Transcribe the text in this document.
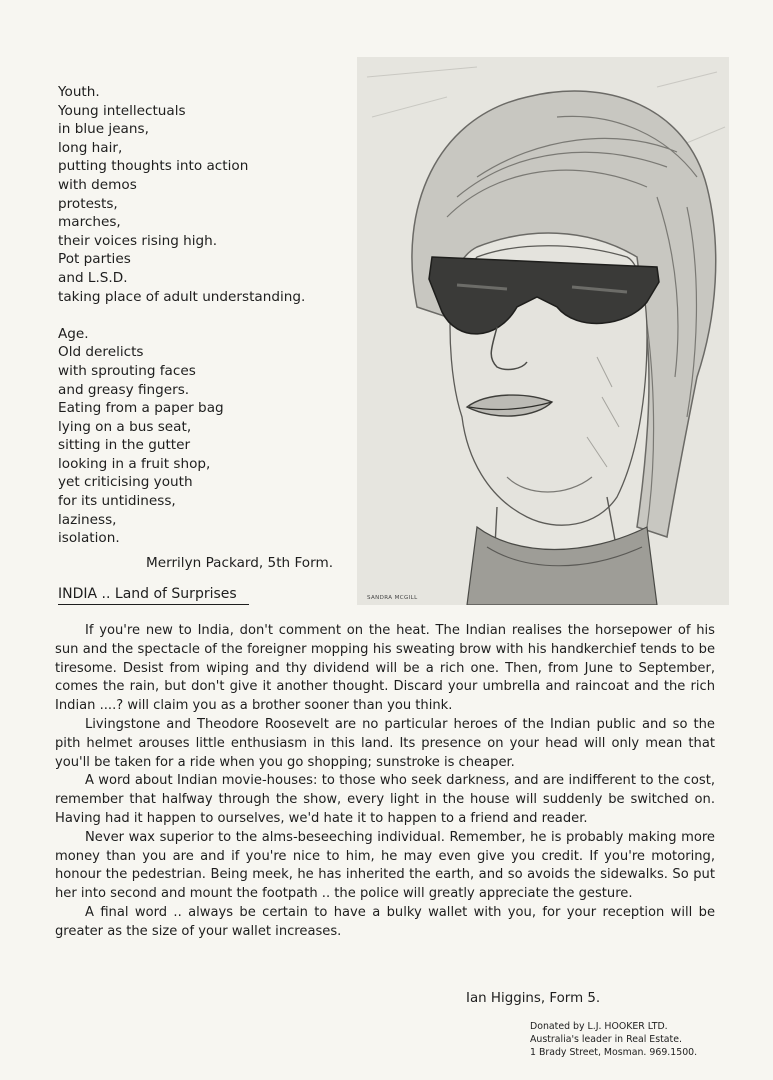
Youth.
Young intellectuals
in blue jeans,
long hair,
putting thoughts into action
with demos
protests,
marches,
their voices rising high.
Pot parties
and L.S.D.
taking place of adult understanding.
Age.
Old derelicts
with sprouting faces
and greasy fingers.
Eating from a paper bag
lying on a bus seat,
sitting in the gutter
looking in a fruit shop,
yet criticising youth
for its untidiness,
laziness,
isolation.
Merrilyn Packard, 5th Form.
SANDRA MCGILL
INDIA .. Land of Surprises

If you're new to India, don't comment on the heat. The Indian realises the horsepower of his sun and the spectacle of the foreigner mopping his sweating brow with his handkerchief tends to be tiresome. Desist from wiping and thy dividend will be a rich one. Then, from June to September, comes the rain, but don't give it another thought. Discard your umbrella and raincoat and the rich Indian ....? will claim you as a brother sooner than you think.

Livingstone and Theodore Roosevelt are no particular heroes of the Indian public and so the pith helmet arouses little enthusiasm in this land. Its presence on your head will only mean that you'll be taken for a ride when you go shopping; sunstroke is cheaper.

A word about Indian movie-houses: to those who seek darkness, and are indifferent to the cost, remember that halfway through the show, every light in the house will suddenly be switched on. Having had it happen to ourselves, we'd hate it to happen to a friend and reader.

Never wax superior to the alms-beseeching individual. Remember, he is probably making more money than you are and if you're nice to him, he may even give you credit. If you're motoring, honour the pedestrian. Being meek, he has inherited the earth, and so avoids the sidewalks. So put her into second and mount the footpath .. the police will greatly appreciate the gesture.

A final word .. always be certain to have a bulky wallet with you, for your reception will be greater as the size of your wallet increases.

Ian Higgins, Form 5.
Donated by L.J. HOOKER LTD.
Australia's leader in Real Estate.
1 Brady Street, Mosman. 969.1500.
